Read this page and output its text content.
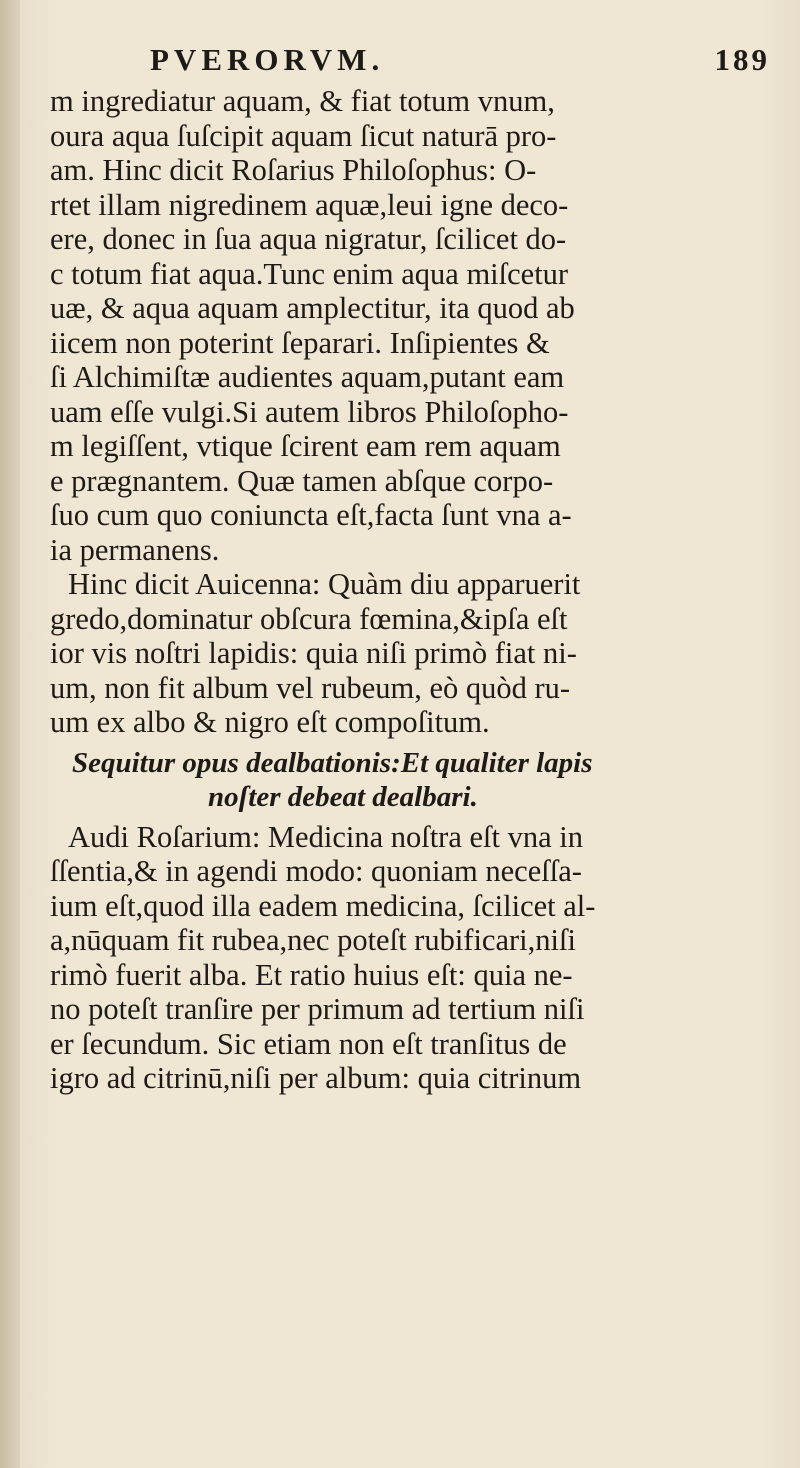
PVERORVM.	189
m ingrediatur aquam, & fiat totum vnum,
oura aqua ſuſcipit aquam ſicut naturā pro-
am. Hinc dicit Roſarius Philoſophus: O-
rtet illam nigredinem aquæ,leui igne deco-
ere, donec in ſua aqua nigratur, ſcilicet do-
c totum fiat aqua.Tunc enim aqua miſcetur
uæ, & aqua aquam amplectitur, ita quod ab
iicem non poterint ſeparari. Inſipientes &
ſi Alchimiſtæ audientes aquam,putant eam
uam eſſe vulgi.Si autem libros Philoſopho-
m legiſſent, vtique ſcirent eam rem aquam
e prægnantem. Quæ tamen abſque corpo-
ſuo cum quo coniuncta eſt,facta ſunt vna a-
ia permanens.
Hinc dicit Auicenna: Quàm diu apparuerit
gredo,dominatur obſcura fœmina,&ipſa eſt
ior vis noſtri lapidis: quia niſi primò fiat ni-
um, non fit album vel rubeum, eò quòd ru-
um ex albo & nigro eſt compoſitum.
Sequitur opus dealbationis:Et qualiter lapis
noſter debeat dealbari.
Audi Roſarium: Medicina noſtra eſt vna in
ſſentia,& in agendi modo: quoniam neceſſa-
ium eſt,quod illa eadem medicina, ſcilicet al-
a,nūquam fit rubea,nec poteſt rubificari,niſi
rimò fuerit alba. Et ratio huius eſt: quia ne-
no poteſt tranſire per primum ad tertium niſi
er ſecundum. Sic etiam non eſt tranſitus de
igro ad citrinū,niſi per album: quia citrinum
